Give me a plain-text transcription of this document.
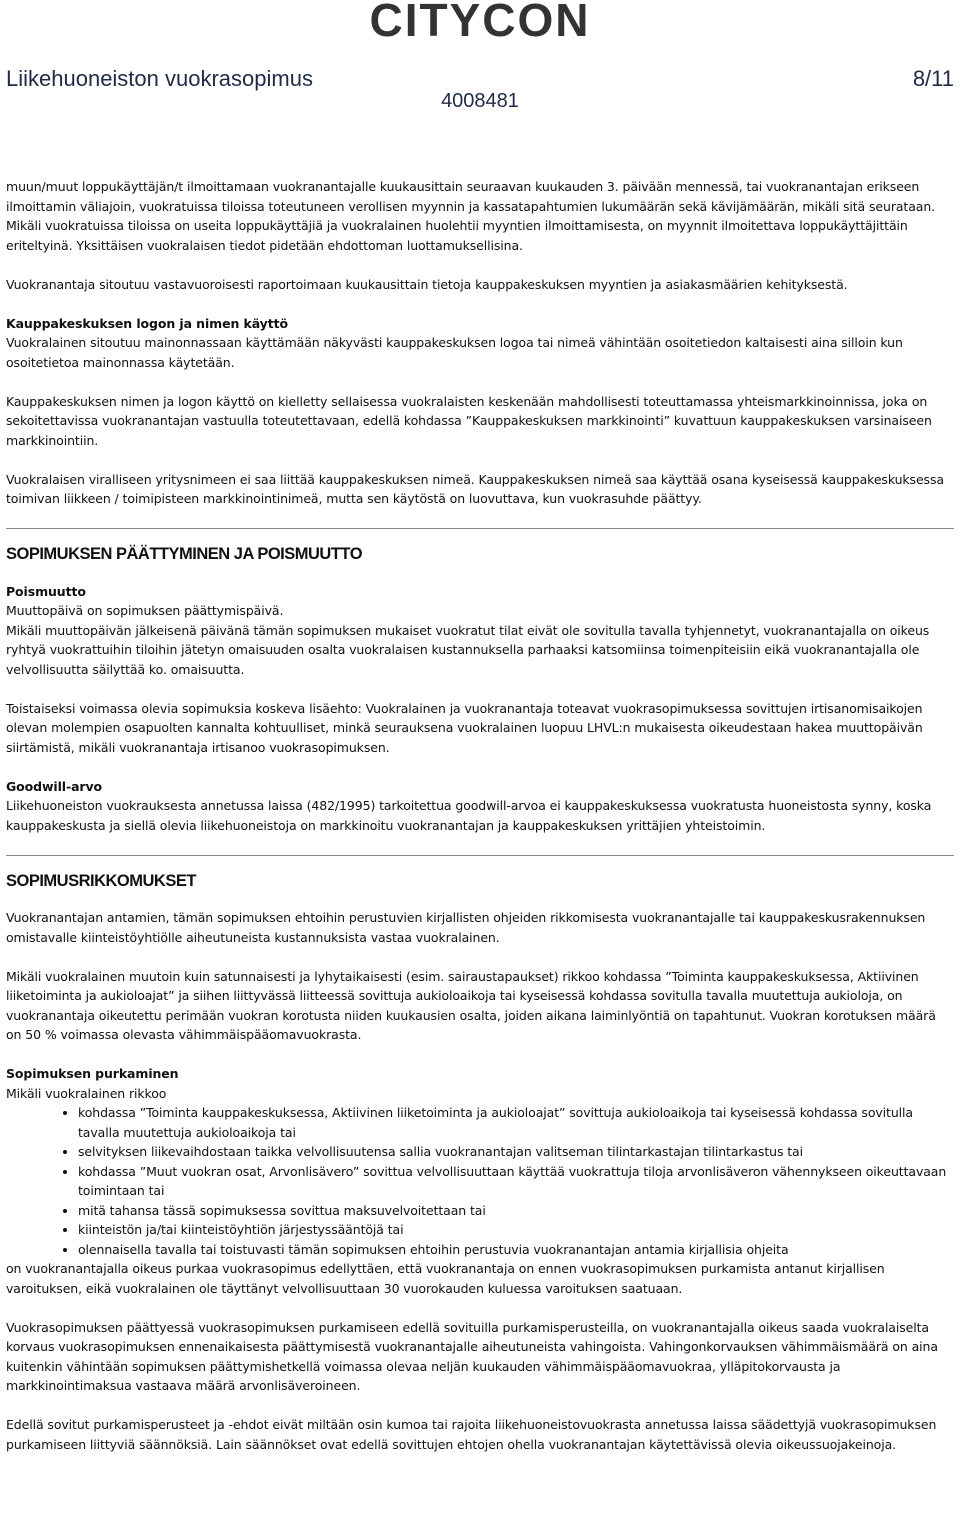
CITYCON
Liikehuoneiston vuokrasopimus	8/11
4008481

muun/muut loppukäyttäjän/t ilmoittamaan vuokranantajalle kuukausittain seuraavan kuukauden 3. päivään mennessä, tai vuokranantajan erikseen ilmoittamin väliajoin, vuokratuissa tiloissa toteutuneen verollisen myynnin ja kassatapahtumien lukumäärän sekä kävijämäärän, mikäli sitä seurataan. Mikäli vuokratuissa tiloissa on useita loppukäyttäjiä ja vuokralainen huolehtii myyntien ilmoittamisesta, on myynnit ilmoitettava loppukäyttäjittäin eriteltyinä. Yksittäisen vuokralaisen tiedot pidetään ehdottoman luottamuksellisina.

Vuokranantaja sitoutuu vastavuoroisesti raportoimaan kuukausittain tietoja kauppakeskuksen myyntien ja asiakasmäärien kehityksestä.

Kauppakeskuksen logon ja nimen käyttö

Vuokralainen sitoutuu mainonnassaan käyttämään näkyvästi kauppakeskuksen logoa tai nimeä vähintään osoitetiedon kaltaisesti aina silloin kun osoitetietoa mainonnassa käytetään.

Kauppakeskuksen nimen ja logon käyttö on kielletty sellaisessa vuokralaisten keskenään mahdollisesti toteuttamassa yhteismarkkinoinnissa, joka on sekoitettavissa vuokranantajan vastuulla toteutettavaan, edellä kohdassa ”Kauppakeskuksen markkinointi” kuvattuun kauppakeskuksen varsinaiseen markkinointiin.

Vuokralaisen viralliseen yritysnimeen ei saa liittää kauppakeskuksen nimeä. Kauppakeskuksen nimeä saa käyttää osana kyseisessä kauppakeskuksessa toimivan liikkeen / toimipisteen markkinointinimeä, mutta sen käytöstä on luovuttava, kun vuokrasuhde päättyy.

SOPIMUKSEN PÄÄTTYMINEN JA POISMUUTTO

Poismuutto

Muuttopäivä on sopimuksen päättymispäivä.

Mikäli muuttopäivän jälkeisenä päivänä tämän sopimuksen mukaiset vuokratut tilat eivät ole sovitulla tavalla tyhjennetyt, vuokranantajalla on oikeus ryhtyä vuokrattuihin tiloihin jätetyn omaisuuden osalta vuokralaisen kustannuksella parhaaksi katsomiinsa toimenpiteisiin eikä vuokranantajalla ole velvollisuutta säilyttää ko. omaisuutta.

Toistaiseksi voimassa olevia sopimuksia koskeva lisäehto: Vuokralainen ja vuokranantaja toteavat vuokrasopimuksessa sovittujen irtisanomisaikojen olevan molempien osapuolten kannalta kohtuulliset, minkä seurauksena vuokralainen luopuu LHVL:n mukaisesta oikeudestaan hakea muuttopäivän siirtämistä, mikäli vuokranantaja irtisanoo vuokrasopimuksen.

Goodwill-arvo

Liikehuoneiston vuokrauksesta annetussa laissa (482/1995) tarkoitettua goodwill-arvoa ei kauppakeskuksessa vuokratusta huoneistosta synny, koska kauppakeskusta ja siellä olevia liikehuoneistoja on markkinoitu vuokranantajan ja kauppakeskuksen yrittäjien yhteistoimin.

SOPIMUSRIKKOMUKSET

Vuokranantajan antamien, tämän sopimuksen ehtoihin perustuvien kirjallisten ohjeiden rikkomisesta vuokranantajalle tai kauppakeskusrakennuksen omistavalle kiinteistöyhtiölle aiheutuneista kustannuksista vastaa vuokralainen.

Mikäli vuokralainen muutoin kuin satunnaisesti ja lyhytaikaisesti (esim. sairaustapaukset) rikkoo kohdassa ”Toiminta kauppakeskuksessa, Aktiivinen liiketoiminta ja aukioloajat” ja siihen liittyvässä liitteessä sovittuja aukioloaikoja tai kyseisessä kohdassa sovitulla tavalla muutettuja aukioloja, on vuokranantaja oikeutettu perimään vuokran korotusta niiden kuukausien osalta, joiden aikana laiminlyöntiä on tapahtunut. Vuokran korotuksen määrä on 50 % voimassa olevasta vähimmäispääomavuokrasta.

Sopimuksen purkaminen

Mikäli vuokralainen rikkoo

• kohdassa ”Toiminta kauppakeskuksessa, Aktiivinen liiketoiminta ja aukioloajat” sovittuja aukioloaikoja tai kyseisessä kohdassa sovitulla tavalla muutettuja aukioloaikoja tai
• selvityksen liikevaihdostaan taikka velvollisuutensa sallia vuokranantajan valitseman tilintarkastajan tilintarkastus tai
• kohdassa ”Muut vuokran osat, Arvonlisävero” sovittua velvollisuuttaan käyttää vuokrattuja tiloja arvonlisäveron vähennykseen oikeuttavaan toimintaan tai
• mitä tahansa tässä sopimuksessa sovittua maksuvelvoitettaan tai
• kiinteistön ja/tai kiinteistöyhtiön järjestyssääntöjä tai
• olennaisella tavalla tai toistuvasti tämän sopimuksen ehtoihin perustuvia vuokranantajan antamia kirjallisia ohjeita

on vuokranantajalla oikeus purkaa vuokrasopimus edellyttäen, että vuokranantaja on ennen vuokrasopimuksen purkamista antanut kirjallisen varoituksen, eikä vuokralainen ole täyttänyt velvollisuuttaan 30 vuorokauden kuluessa varoituksen saatuaan.

Vuokrasopimuksen päättyessä vuokrasopimuksen purkamiseen edellä sovituilla purkamisperusteilla, on vuokranantajalla oikeus saada vuokralaiselta korvaus vuokrasopimuksen ennenaikaisesta päättymisestä vuokranantajalle aiheutuneista vahingoista. Vahingonkorvauksen vähimmäismäärä on aina kuitenkin vähintään sopimuksen päättymishetkellä voimassa olevaa neljän kuukauden vähimmäispääomavuokraa, ylläpitokorvausta ja markkinointimaksua vastaava määrä arvonlisäveroineen.

Edellä sovitut purkamisperusteet ja -ehdot eivät miltään osin kumoa tai rajoita liikehuoneistovuokrasta annetussa laissa säädettyjä vuokrasopimuksen purkamiseen liittyviä säännöksiä. Lain säännökset ovat edellä sovittujen ehtojen ohella vuokranantajan käytettävissä olevia oikeussuojakeinoja.
